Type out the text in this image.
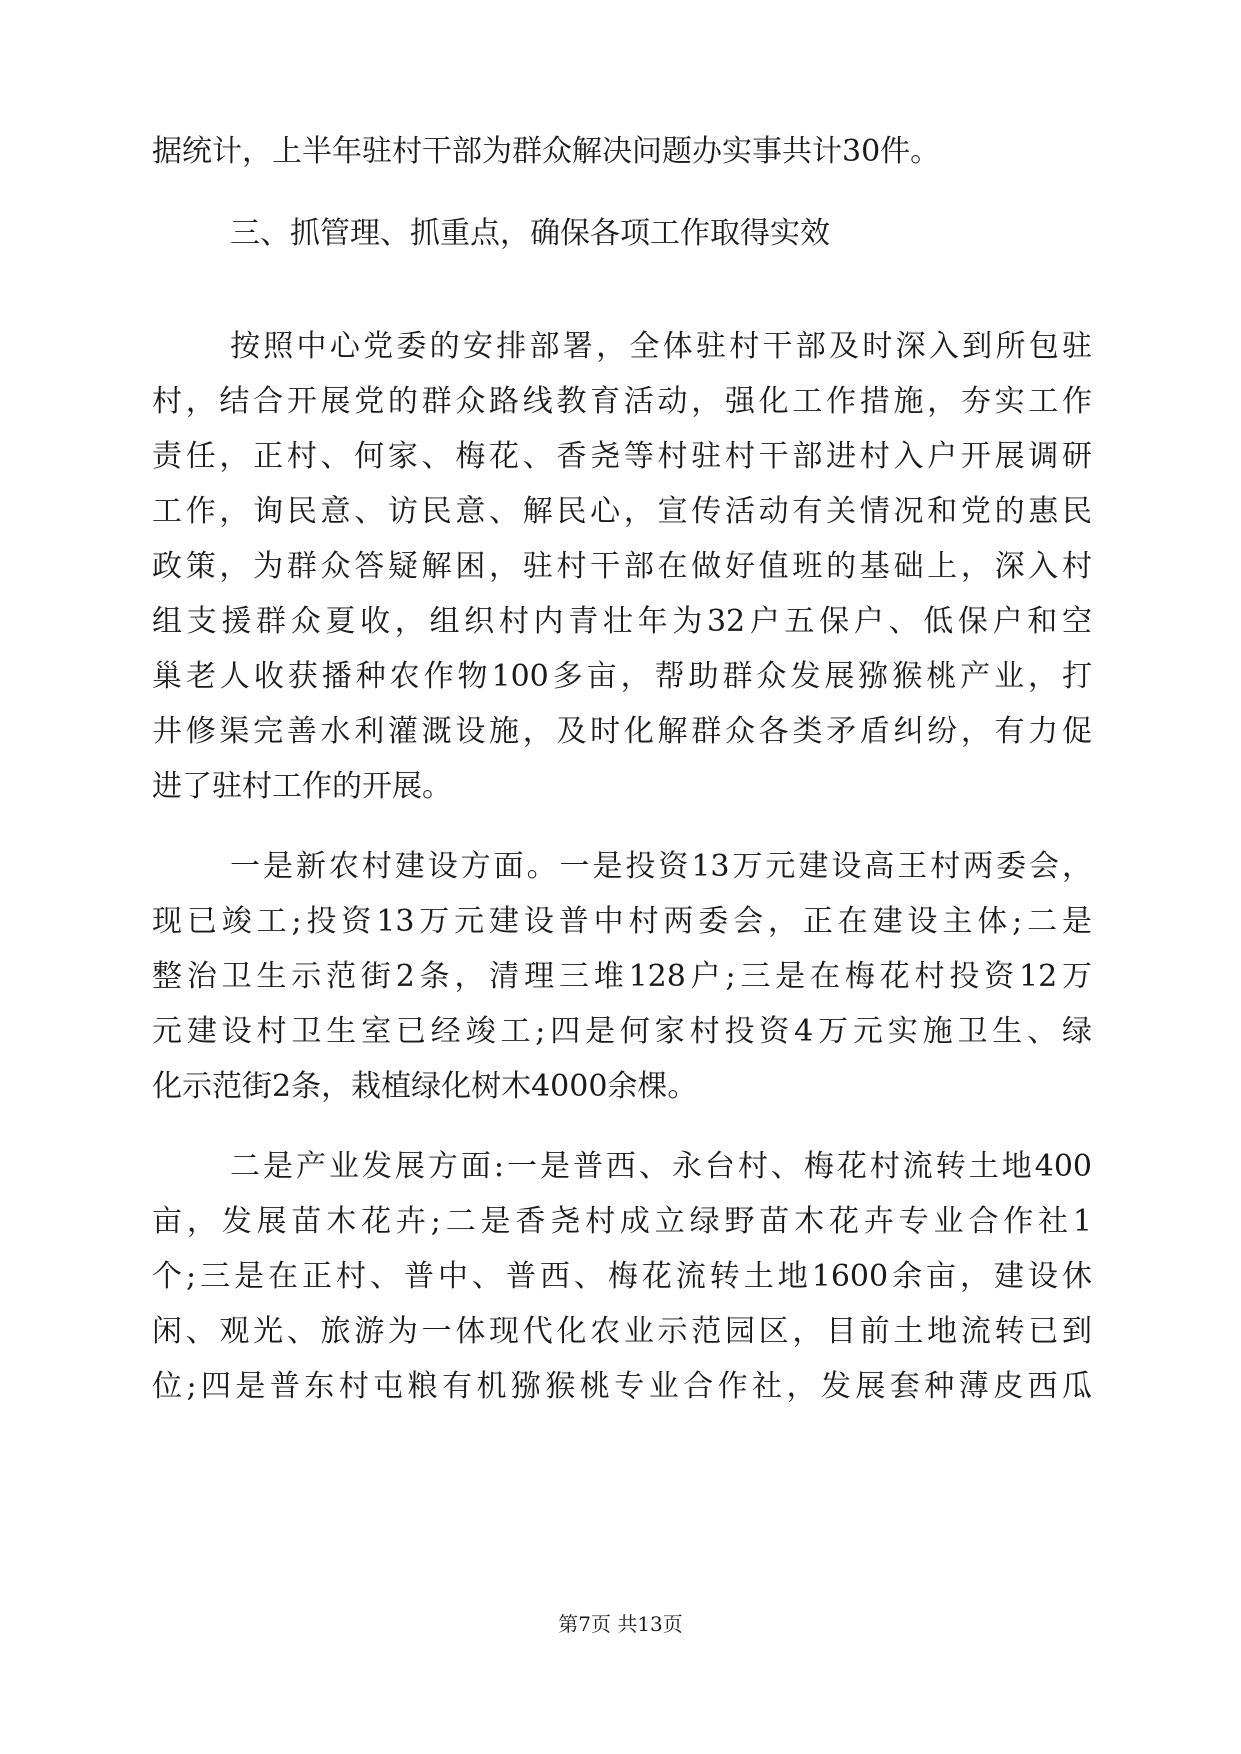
据统计，上半年驻村干部为群众解决问题办实事共计30件。
三、抓管理、抓重点，确保各项工作取得实效
按照中心党委的安排部署，全体驻村干部及时深入到所包驻
村，结合开展党的群众路线教育活动，强化工作措施，夯实工作
责任，正村、何家、梅花、香尧等村驻村干部进村入户开展调研
工作，询民意、访民意、解民心，宣传活动有关情况和党的惠民
政策，为群众答疑解困，驻村干部在做好值班的基础上，深入村
组支援群众夏收，组织村内青壮年为32户五保户、低保户和空
巢老人收获播种农作物100多亩，帮助群众发展猕猴桃产业，打
井修渠完善水利灌溉设施，及时化解群众各类矛盾纠纷，有力促
进了驻村工作的开展。
一是新农村建设方面。一是投资13万元建设高王村两委会，
现已竣工;投资13万元建设普中村两委会，正在建设主体;二是
整治卫生示范街2条，清理三堆128户;三是在梅花村投资12万
元建设村卫生室已经竣工;四是何家村投资4万元实施卫生、绿
化示范街2条，栽植绿化树木4000余棵。
二是产业发展方面:一是普西、永台村、梅花村流转土地400
亩，发展苗木花卉;二是香尧村成立绿野苗木花卉专业合作社1
个;三是在正村、普中、普西、梅花流转土地1600余亩，建设休
闲、观光、旅游为一体现代化农业示范园区，目前土地流转已到
位;四是普东村屯粮有机猕猴桃专业合作社，发展套种薄皮西瓜
第7页 共13页
